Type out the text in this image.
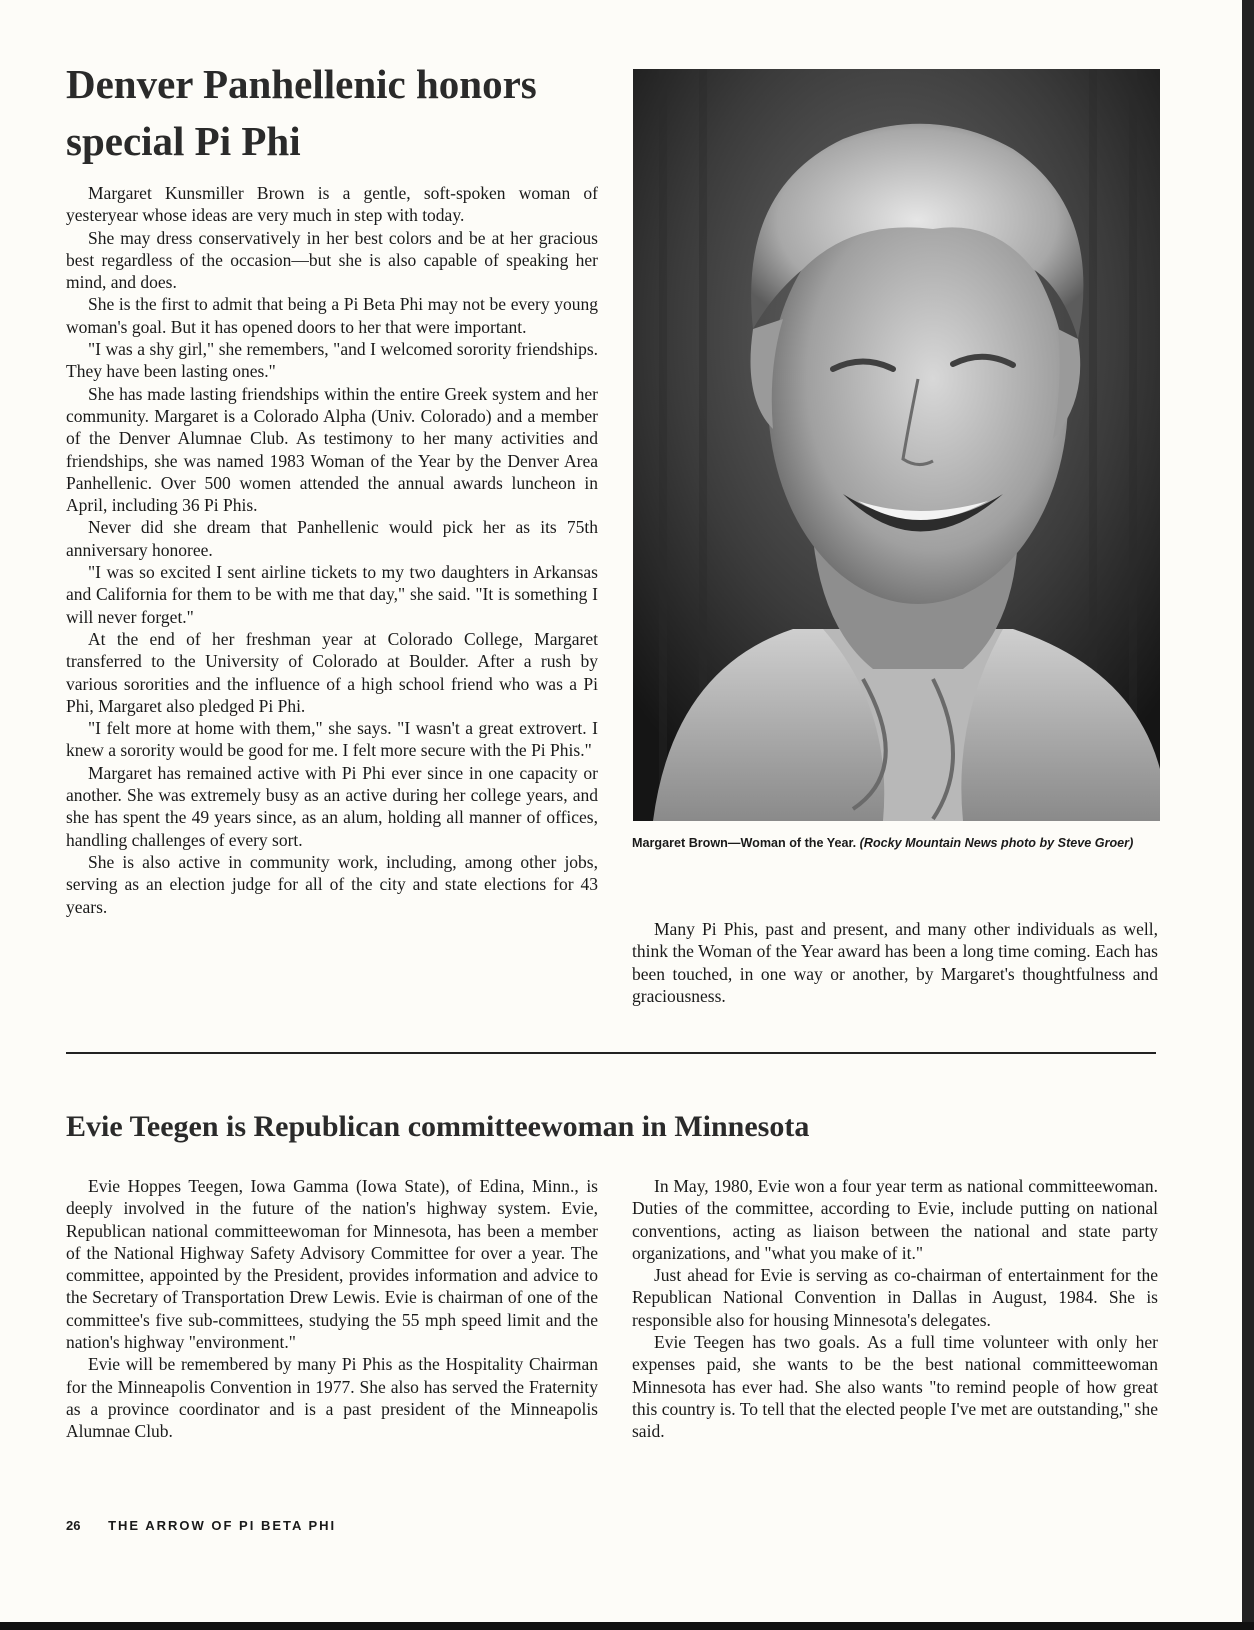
Denver Panhellenic honors special Pi Phi

Margaret Kunsmiller Brown is a gentle, soft-spoken woman of yesteryear whose ideas are very much in step with today.

She may dress conservatively in her best colors and be at her gracious best regardless of the occasion—but she is also capable of speaking her mind, and does.

She is the first to admit that being a Pi Beta Phi may not be every young woman's goal. But it has opened doors to her that were important.

"I was a shy girl," she remembers, "and I welcomed sorority friendships. They have been lasting ones."

She has made lasting friendships within the entire Greek system and her community. Margaret is a Colorado Alpha (Univ. Colorado) and a member of the Denver Alumnae Club. As testimony to her many activities and friendships, she was named 1983 Woman of the Year by the Denver Area Panhellenic. Over 500 women attended the annual awards luncheon in April, including 36 Pi Phis.

Never did she dream that Panhellenic would pick her as its 75th anniversary honoree.

"I was so excited I sent airline tickets to my two daughters in Arkansas and California for them to be with me that day," she said. "It is something I will never forget."

At the end of her freshman year at Colorado College, Margaret transferred to the University of Colorado at Boulder. After a rush by various sororities and the influence of a high school friend who was a Pi Phi, Margaret also pledged Pi Phi.

"I felt more at home with them," she says. "I wasn't a great extrovert. I knew a sorority would be good for me. I felt more secure with the Pi Phis."

Margaret has remained active with Pi Phi ever since in one capacity or another. She was extremely busy as an active during her college years, and she has spent the 49 years since, as an alum, holding all manner of offices, handling challenges of every sort.

She is also active in community work, including, among other jobs, serving as an election judge for all of the city and state elections for 43 years.

Margaret Brown—Woman of the Year. (Rocky Mountain News photo by Steve Groer)

Many Pi Phis, past and present, and many other individuals as well, think the Woman of the Year award has been a long time coming. Each has been touched, in one way or another, by Margaret's thoughtfulness and graciousness.

Evie Teegen is Republican committeewoman in Minnesota

Evie Hoppes Teegen, Iowa Gamma (Iowa State), of Edina, Minn., is deeply involved in the future of the nation's highway system. Evie, Republican national committeewoman for Minnesota, has been a member of the National Highway Safety Advisory Committee for over a year. The committee, appointed by the President, provides information and advice to the Secretary of Transportation Drew Lewis. Evie is chairman of one of the committee's five sub-committees, studying the 55 mph speed limit and the nation's highway "environment."

Evie will be remembered by many Pi Phis as the Hospitality Chairman for the Minneapolis Convention in 1977. She also has served the Fraternity as a province coordinator and is a past president of the Minneapolis Alumnae Club.

In May, 1980, Evie won a four year term as national committeewoman. Duties of the committee, according to Evie, include putting on national conventions, acting as liaison between the national and state party organizations, and "what you make of it."

Just ahead for Evie is serving as co-chairman of entertainment for the Republican National Convention in Dallas in August, 1984. She is responsible also for housing Minnesota's delegates.

Evie Teegen has two goals. As a full time volunteer with only her expenses paid, she wants to be the best national committeewoman Minnesota has ever had. She also wants "to remind people of how great this country is. To tell that the elected people I've met are outstanding," she said.

26 THE ARROW OF PI BETA PHI
